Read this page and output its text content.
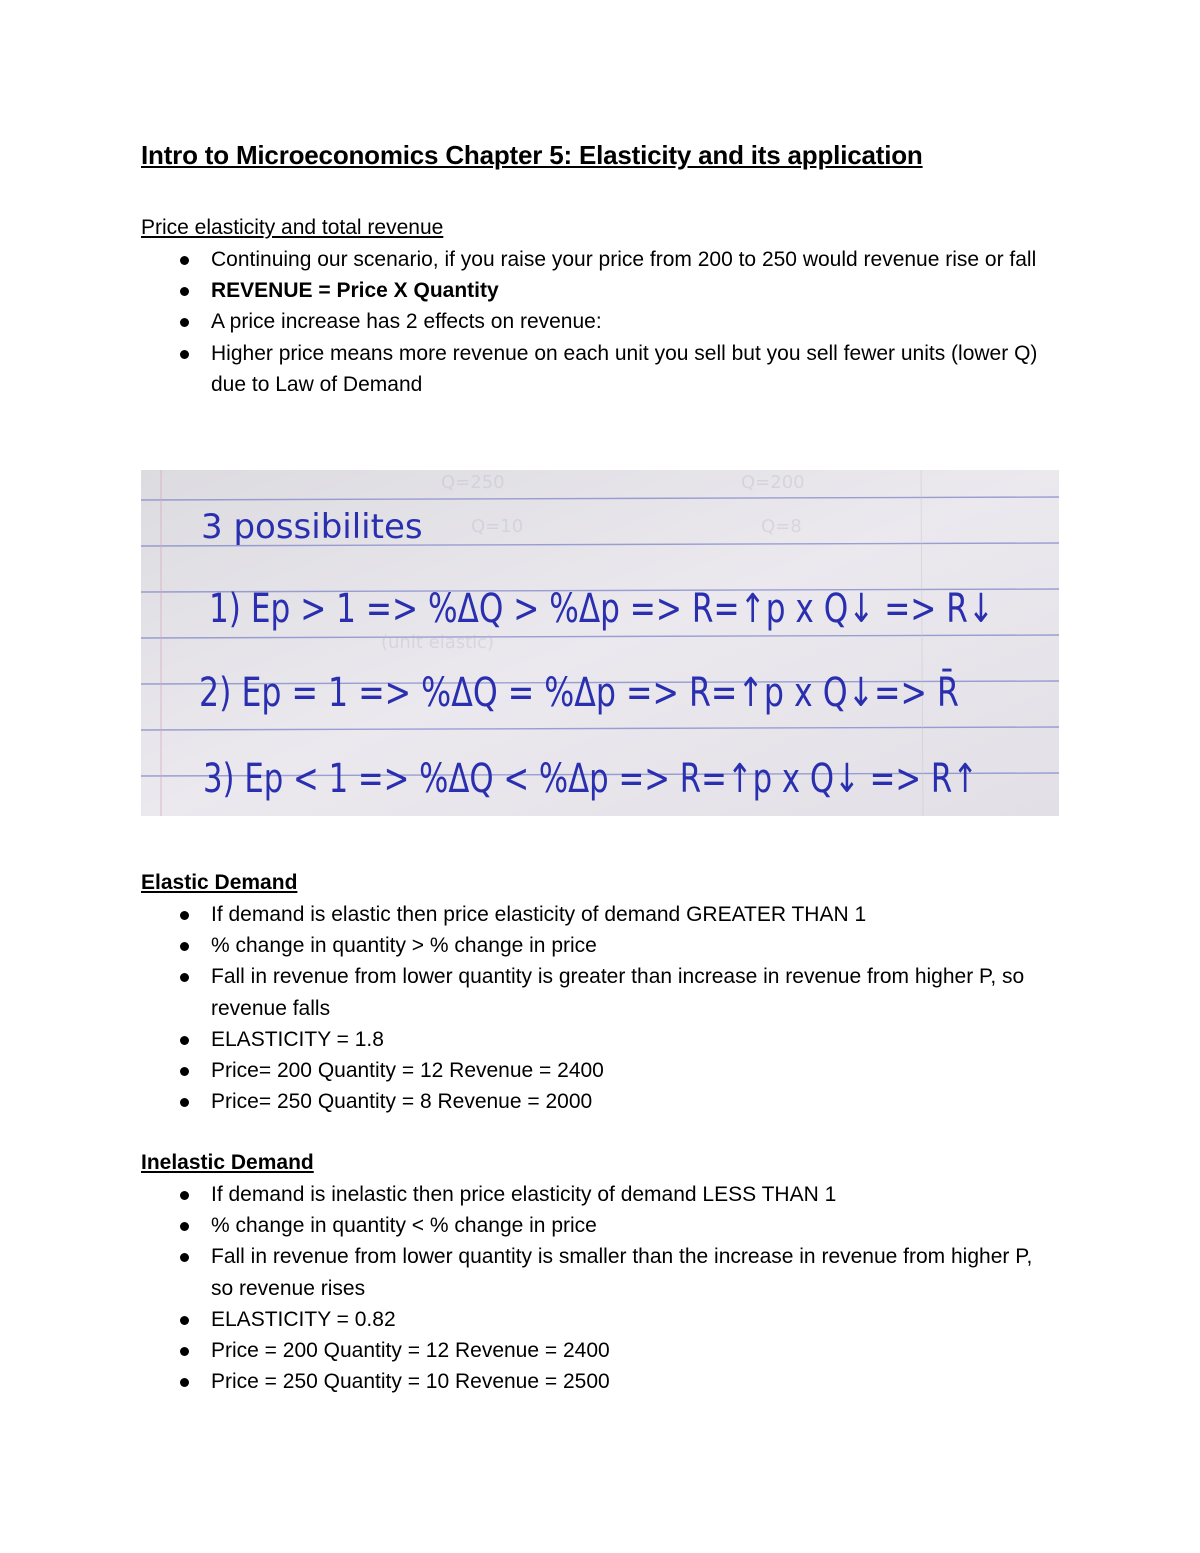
Intro to Microeconomics Chapter 5: Elasticity and its application
Price elasticity and total revenue
Continuing our scenario, if you raise your price from 200 to 250 would revenue rise or fall
REVENUE = Price X Quantity
A price increase has 2 effects on revenue:
Higher price means more revenue on each unit you sell but you sell fewer units (lower Q) due to Law of Demand
Q=250	Q=200
Q=10	Q=8
(unit elastic)
3 possibilites
1) Ep > 1 => %ΔQ > %Δp => R=↑p x Q↓ => R↓
2) Ep = 1 => %ΔQ = %Δp => R=↑p x Q↓=> R̄
3) Ep < 1 => %ΔQ < %Δp => R=↑p x Q↓ => R↑
Elastic Demand
If demand is elastic then price elasticity of demand GREATER THAN 1
% change in quantity > % change in price
Fall in revenue from lower quantity is greater than increase in revenue from higher P, so revenue falls
ELASTICITY = 1.8
Price= 200 Quantity = 12 Revenue = 2400
Price= 250 Quantity = 8 Revenue = 2000
Inelastic Demand
If demand is inelastic then price elasticity of demand LESS THAN 1
% change in quantity < % change in price
Fall in revenue from lower quantity is smaller than the increase in revenue from higher P, so revenue rises
ELASTICITY = 0.82
Price = 200 Quantity = 12 Revenue = 2400
Price = 250 Quantity = 10 Revenue = 2500
